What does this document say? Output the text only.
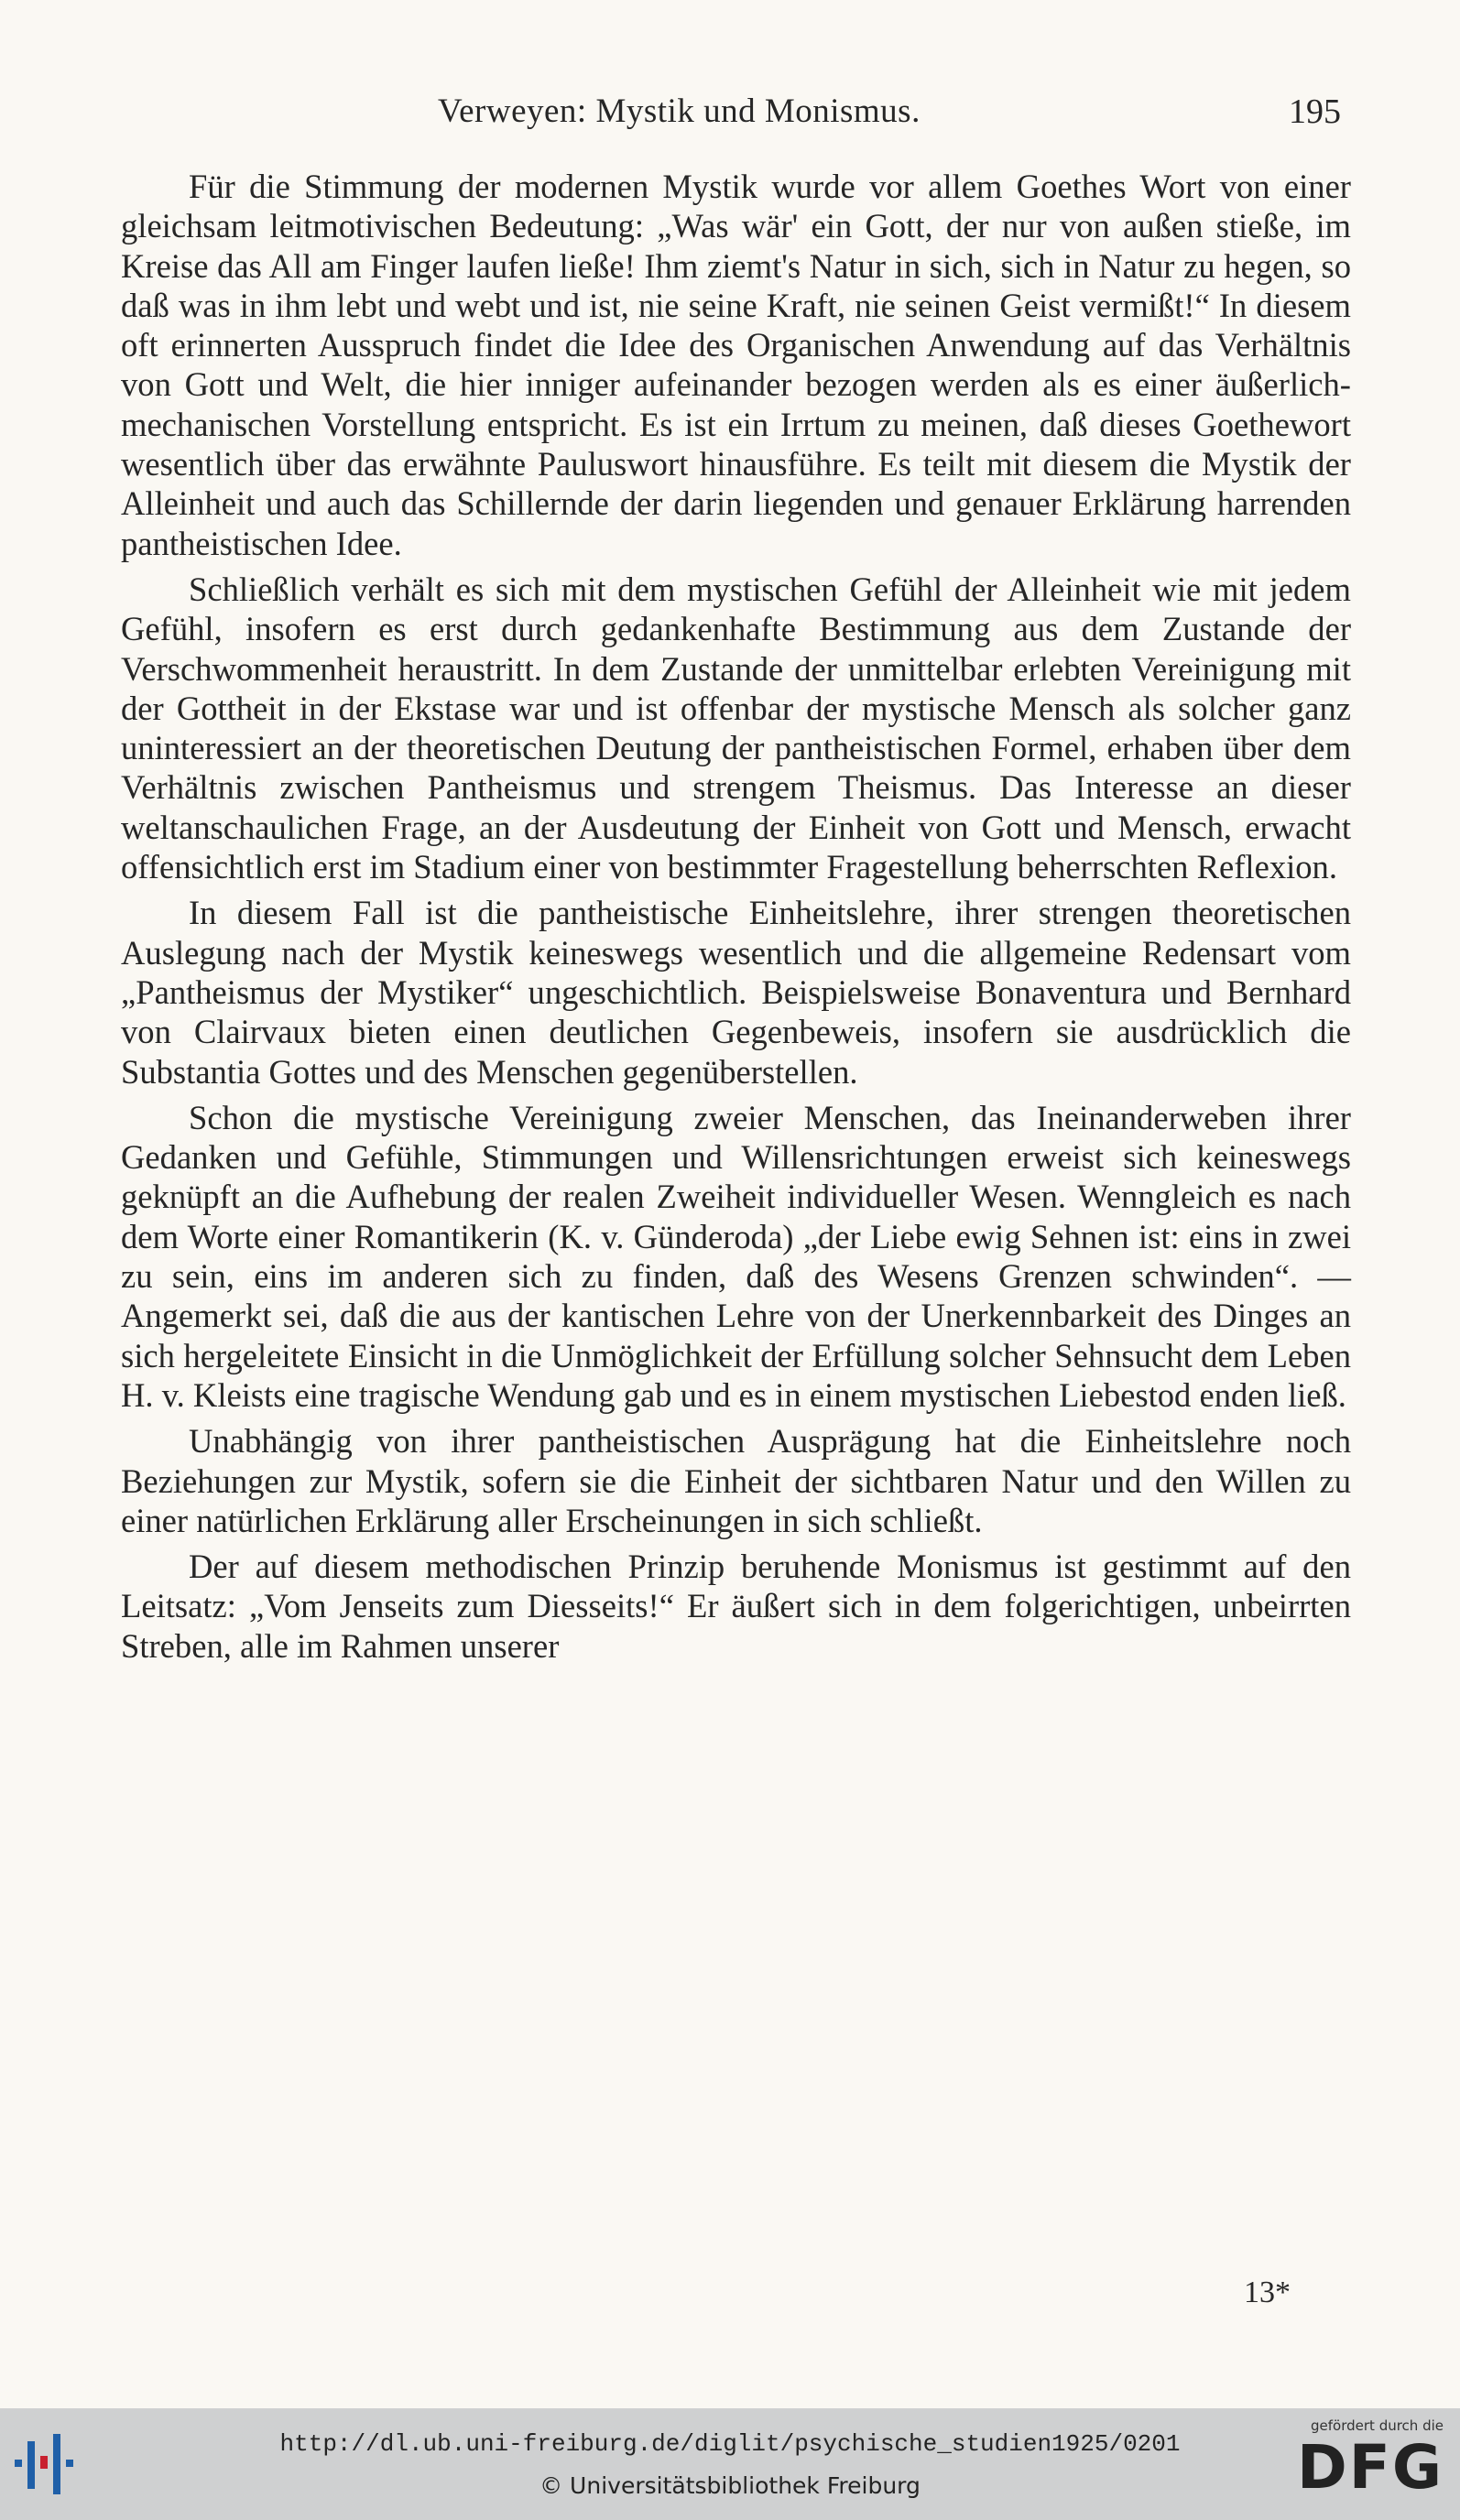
Verweyen: Mystik und Monismus.	195

Für die Stimmung der modernen Mystik wurde vor allem Goethes Wort von einer gleichsam leitmotivischen Bedeutung: „Was wär' ein Gott, der nur von außen stieße, im Kreise das All am Finger laufen ließe! Ihm ziemt's Natur in sich, sich in Natur zu hegen, so daß was in ihm lebt und webt und ist, nie seine Kraft, nie seinen Geist vermißt!“ In diesem oft erinnerten Ausspruch findet die Idee des Organischen Anwendung auf das Verhältnis von Gott und Welt, die hier inniger aufeinander bezogen werden als es einer äußerlich-mechanischen Vorstellung entspricht. Es ist ein Irrtum zu meinen, daß dieses Goethewort wesentlich über das erwähnte Pauluswort hinausführe. Es teilt mit diesem die Mystik der Alleinheit und auch das Schillernde der darin liegenden und genauer Erklärung harrenden pantheistischen Idee.

Schließlich verhält es sich mit dem mystischen Gefühl der Alleinheit wie mit jedem Gefühl, insofern es erst durch gedankenhafte Bestimmung aus dem Zustande der Verschwommenheit heraustritt. In dem Zustande der unmittelbar erlebten Vereinigung mit der Gottheit in der Ekstase war und ist offenbar der mystische Mensch als solcher ganz uninteressiert an der theoretischen Deutung der pantheistischen Formel, erhaben über dem Verhältnis zwischen Pantheismus und strengem Theismus. Das Interesse an dieser weltanschaulichen Frage, an der Ausdeutung der Einheit von Gott und Mensch, erwacht offensichtlich erst im Stadium einer von bestimmter Fragestellung beherrschten Reflexion.

In diesem Fall ist die pantheistische Einheitslehre, ihrer strengen theoretischen Auslegung nach der Mystik keineswegs wesentlich und die allgemeine Redensart vom „Pantheismus der Mystiker“ ungeschichtlich. Beispielsweise Bonaventura und Bernhard von Clairvaux bieten einen deutlichen Gegenbeweis, insofern sie ausdrücklich die Substantia Gottes und des Menschen gegenüberstellen.

Schon die mystische Vereinigung zweier Menschen, das Ineinanderweben ihrer Gedanken und Gefühle, Stimmungen und Willensrichtungen erweist sich keineswegs geknüpft an die Aufhebung der realen Zweiheit individueller Wesen. Wenngleich es nach dem Worte einer Romantikerin (K. v. Günderoda) „der Liebe ewig Sehnen ist: eins in zwei zu sein, eins im anderen sich zu finden, daß des Wesens Grenzen schwinden“. — Angemerkt sei, daß die aus der kantischen Lehre von der Unerkennbarkeit des Dinges an sich hergeleitete Einsicht in die Unmöglichkeit der Erfüllung solcher Sehnsucht dem Leben H. v. Kleists eine tragische Wendung gab und es in einem mystischen Liebestod enden ließ.

Unabhängig von ihrer pantheistischen Ausprägung hat die Einheitslehre noch Beziehungen zur Mystik, sofern sie die Einheit der sichtbaren Natur und den Willen zu einer natürlichen Erklärung aller Erscheinungen in sich schließt.

Der auf diesem methodischen Prinzip beruhende Monismus ist gestimmt auf den Leitsatz: „Vom Jenseits zum Diesseits!“ Er äußert sich in dem folgerichtigen, unbeirrten Streben, alle im Rahmen unserer

13*
http://dl.ub.uni-freiburg.de/diglit/psychische_studien1925/0201
© Universitätsbibliothek Freiburg
gefördert durch die
DFG
